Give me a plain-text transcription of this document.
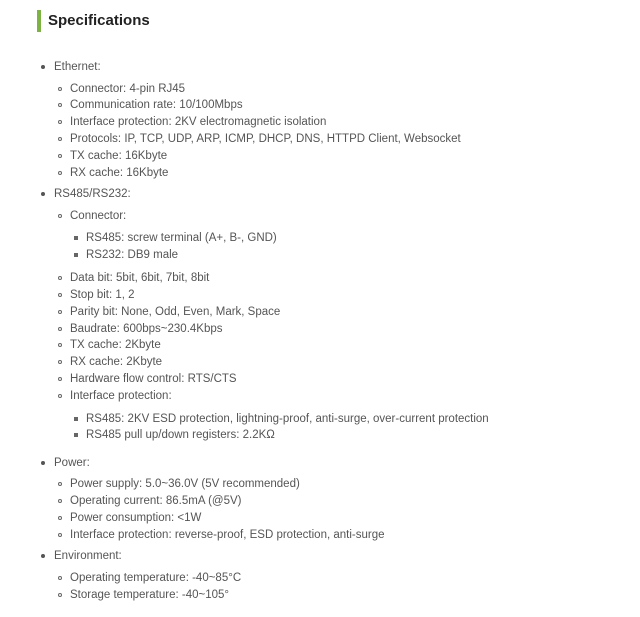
Specifications
Ethernet:
Connector: 4-pin RJ45
Communication rate: 10/100Mbps
Interface protection: 2KV electromagnetic isolation
Protocols: IP, TCP, UDP, ARP, ICMP, DHCP, DNS, HTTPD Client, Websocket
TX cache: 16Kbyte
RX cache: 16Kbyte
RS485/RS232:
Connector:
RS485: screw terminal (A+, B-, GND)
RS232: DB9 male
Data bit: 5bit, 6bit, 7bit, 8bit
Stop bit: 1, 2
Parity bit: None, Odd, Even, Mark, Space
Baudrate: 600bps~230.4Kbps
TX cache: 2Kbyte
RX cache: 2Kbyte
Hardware flow control: RTS/CTS
Interface protection:
RS485: 2KV ESD protection, lightning-proof, anti-surge, over-current protection
RS485 pull up/down registers: 2.2KΩ
Power:
Power supply: 5.0~36.0V (5V recommended)
Operating current: 86.5mA (@5V)
Power consumption: <1W
Interface protection: reverse-proof, ESD protection, anti-surge
Environment:
Operating temperature: -40~85°C
Storage temperature: -40~105°
